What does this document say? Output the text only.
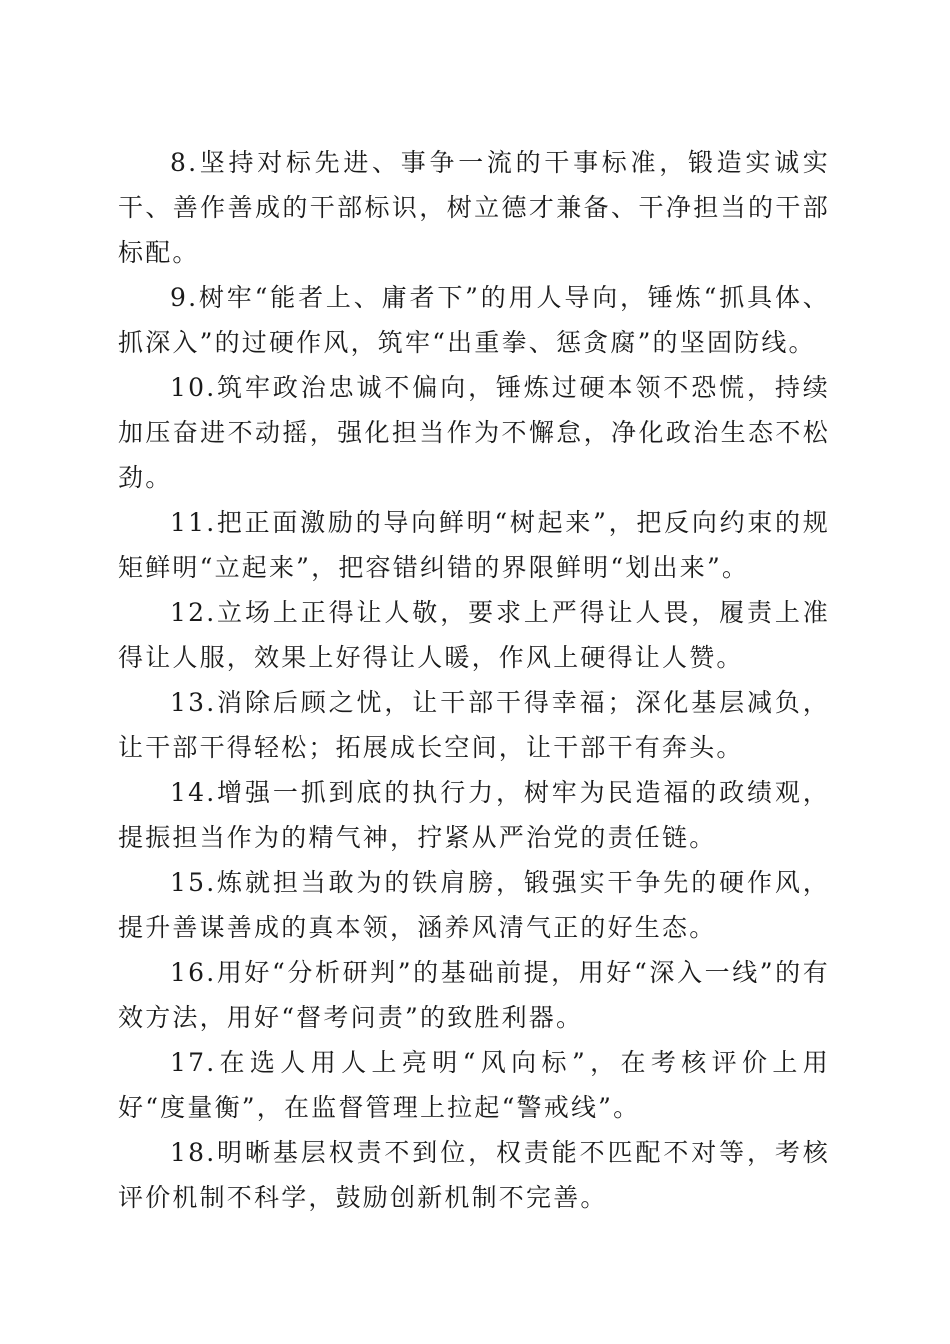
8.坚持对标先进、事争一流的干事标准，锻造实诚实干、善作善成的干部标识，树立德才兼备、干净担当的干部标配。

9.树牢“能者上、庸者下”的用人导向，锤炼“抓具体、抓深入”的过硬作风，筑牢“出重拳、惩贪腐”的坚固防线。

10.筑牢政治忠诚不偏向，锤炼过硬本领不恐慌，持续加压奋进不动摇，强化担当作为不懈怠，净化政治生态不松劲。

11.把正面激励的导向鲜明“树起来”，把反向约束的规矩鲜明“立起来”，把容错纠错的界限鲜明“划出来”。

12.立场上正得让人敬，要求上严得让人畏，履责上准得让人服，效果上好得让人暖，作风上硬得让人赞。

13.消除后顾之忧，让干部干得幸福；深化基层减负，让干部干得轻松；拓展成长空间，让干部干有奔头。

14.增强一抓到底的执行力，树牢为民造福的政绩观，提振担当作为的精气神，拧紧从严治党的责任链。

15.炼就担当敢为的铁肩膀，锻强实干争先的硬作风，提升善谋善成的真本领，涵养风清气正的好生态。

16.用好“分析研判”的基础前提，用好“深入一线”的有效方法，用好“督考问责”的致胜利器。

17.在选人用人上亮明“风向标”，在考核评价上用好“度量衡”，在监督管理上拉起“警戒线”。

18.明晰基层权责不到位，权责能不匹配不对等，考核评价机制不科学，鼓励创新机制不完善。
